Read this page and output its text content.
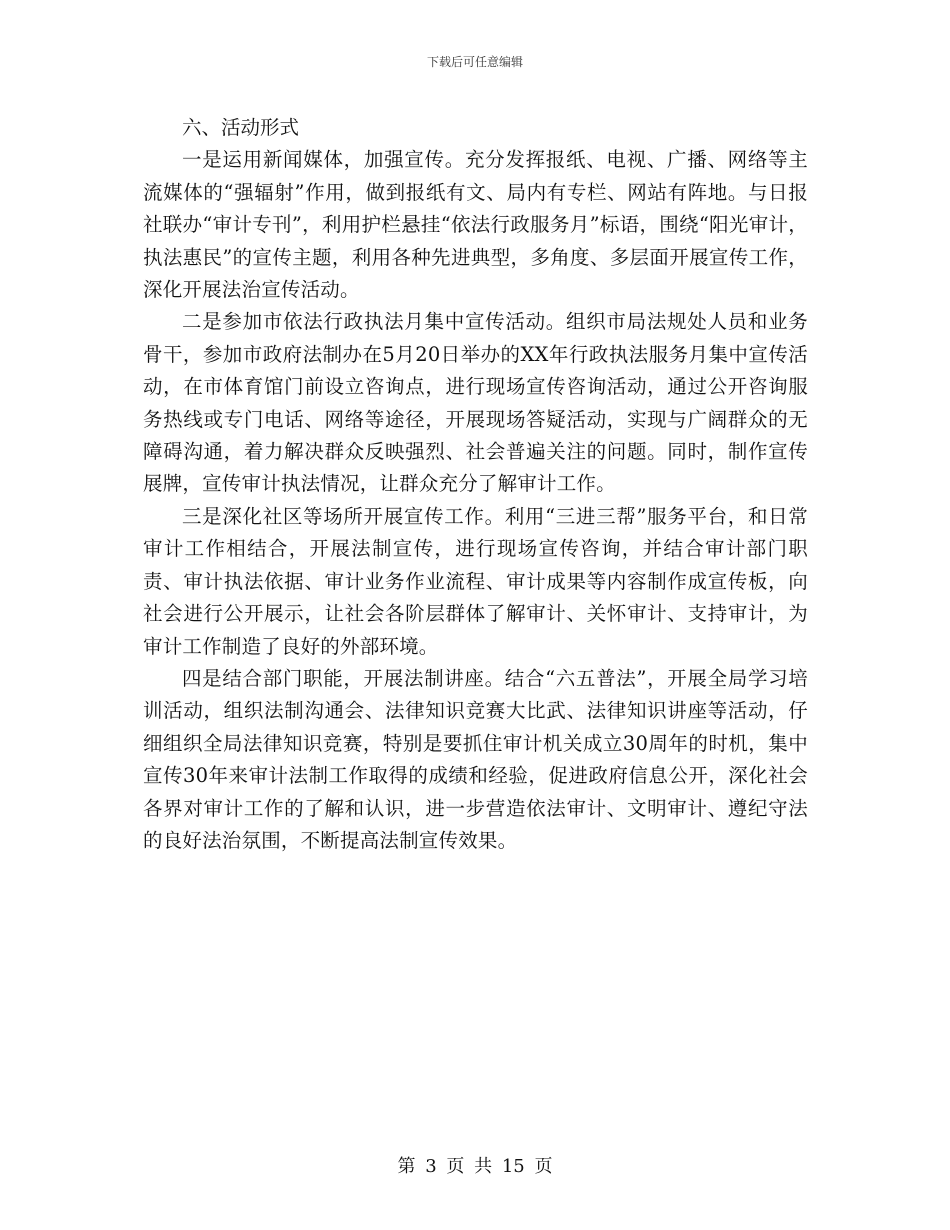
下载后可任意编辑

六、活动形式

一是运用新闻媒体，加强宣传。充分发挥报纸、电视、广播、网络等主流媒体的“强辐射”作用，做到报纸有文、局内有专栏、网站有阵地。与日报社联办“审计专刊”，利用护栏悬挂“依法行政服务月”标语，围绕“阳光审计，执法惠民”的宣传主题，利用各种先进典型，多角度、多层面开展宣传工作，深化开展法治宣传活动。

二是参加市依法行政执法月集中宣传活动。组织市局法规处人员和业务骨干，参加市政府法制办在5月20日举办的XX年行政执法服务月集中宣传活动，在市体育馆门前设立咨询点，进行现场宣传咨询活动，通过公开咨询服务热线或专门电话、网络等途径，开展现场答疑活动，实现与广阔群众的无障碍沟通，着力解决群众反映强烈、社会普遍关注的问题。同时，制作宣传展牌，宣传审计执法情况，让群众充分了解审计工作。

三是深化社区等场所开展宣传工作。利用“三进三帮”服务平台，和日常审计工作相结合，开展法制宣传，进行现场宣传咨询，并结合审计部门职责、审计执法依据、审计业务作业流程、审计成果等内容制作成宣传板，向社会进行公开展示，让社会各阶层群体了解审计、关怀审计、支持审计，为审计工作制造了良好的外部环境。

四是结合部门职能，开展法制讲座。结合“六五普法”，开展全局学习培训活动，组织法制沟通会、法律知识竞赛大比武、法律知识讲座等活动，仔细组织全局法律知识竞赛，特别是要抓住审计机关成立30周年的时机，集中宣传30年来审计法制工作取得的成绩和经验，促进政府信息公开，深化社会各界对审计工作的了解和认识，进一步营造依法审计、文明审计、遵纪守法的良好法治氛围，不断提高法制宣传效果。

第 3 页 共 15 页
